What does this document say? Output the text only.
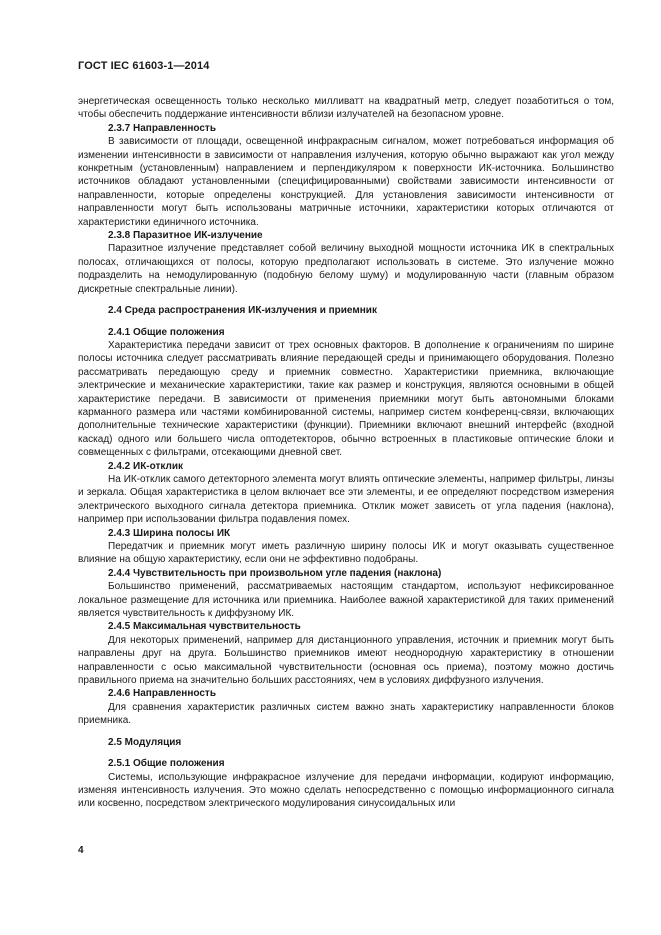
ГОСТ IEC 61603-1—2014

энергетическая освещенность только несколько милливатт на квадратный метр, следует позаботиться о том, чтобы обеспечить поддержание интенсивности вблизи излучателей на безопасном уровне.

2.3.7 Направленность

В зависимости от площади, освещенной инфракрасным сигналом, может потребоваться информация об изменении интенсивности в зависимости от направления излучения, которую обычно выражают как угол между конкретным (установленным) направлением и перпендикуляром к поверхности ИК-источника. Большинство источников обладают установленными (специфицированными) свойствами зависимости интенсивности от направленности, которые определены конструкцией. Для установления зависимости интенсивности от направленности могут быть использованы матричные источники, характеристики которых отличаются от характеристики единичного источника.

2.3.8 Паразитное ИК-излучение

Паразитное излучение представляет собой величину выходной мощности источника ИК в спектральных полосах, отличающихся от полосы, которую предполагают использовать в системе. Это излучение можно подразделить на немодулированную (подобную белому шуму) и модулированную части (главным образом дискретные спектральные линии).

2.4 Среда распространения ИК-излучения и приемник
2.4.1 Общие положения

Характеристика передачи зависит от трех основных факторов. В дополнение к ограничениям по ширине полосы источника следует рассматривать влияние передающей среды и принимающего оборудования. Полезно рассматривать передающую среду и приемник совместно. Характеристики приемника, включающие электрические и механические характеристики, такие как размер и конструкция, являются основными в общей характеристике передачи. В зависимости от применения приемники могут быть автономными блоками карманного размера или частями комбинированной системы, например систем конференц-связи, включающих дополнительные технические характеристики (функции). Приемники включают внешний интерфейс (входной каскад) одного или большего числа оптодетекторов, обычно встроенных в пластиковые оптические блоки и совмещенных с фильтрами, отсекающими дневной свет.

2.4.2 ИК-отклик

На ИК-отклик самого детекторного элемента могут влиять оптические элементы, например фильтры, линзы и зеркала. Общая характеристика в целом включает все эти элементы, и ее определяют посредством измерения электрического выходного сигнала детектора приемника. Отклик может зависеть от угла падения (наклона), например при использовании фильтра подавления помех.

2.4.3 Ширина полосы ИК

Передатчик и приемник могут иметь различную ширину полосы ИК и могут оказывать существенное влияние на общую характеристику, если они не эффективно подобраны.

2.4.4 Чувствительность при произвольном угле падения (наклона)

Большинство применений, рассматриваемых настоящим стандартом, используют нефиксированное локальное размещение для источника или приемника. Наиболее важной характеристикой для таких применений является чувствительность к диффузному ИК.

2.4.5 Максимальная чувствительность

Для некоторых применений, например для дистанционного управления, источник и приемник могут быть направлены друг на друга. Большинство приемников имеют неоднородную характеристику в отношении направленности с осью максимальной чувствительности (основная ось приема), поэтому можно достичь правильного приема на значительно больших расстояниях, чем в условиях диффузного излучения.

2.4.6 Направленность

Для сравнения характеристик различных систем важно знать характеристику направленности блоков приемника.

2.5 Модуляция
2.5.1 Общие положения

Системы, использующие инфракрасное излучение для передачи информации, кодируют информацию, изменяя интенсивность излучения. Это можно сделать непосредственно с помощью информационного сигнала или косвенно, посредством электрического модулирования синусоидальных или

4
